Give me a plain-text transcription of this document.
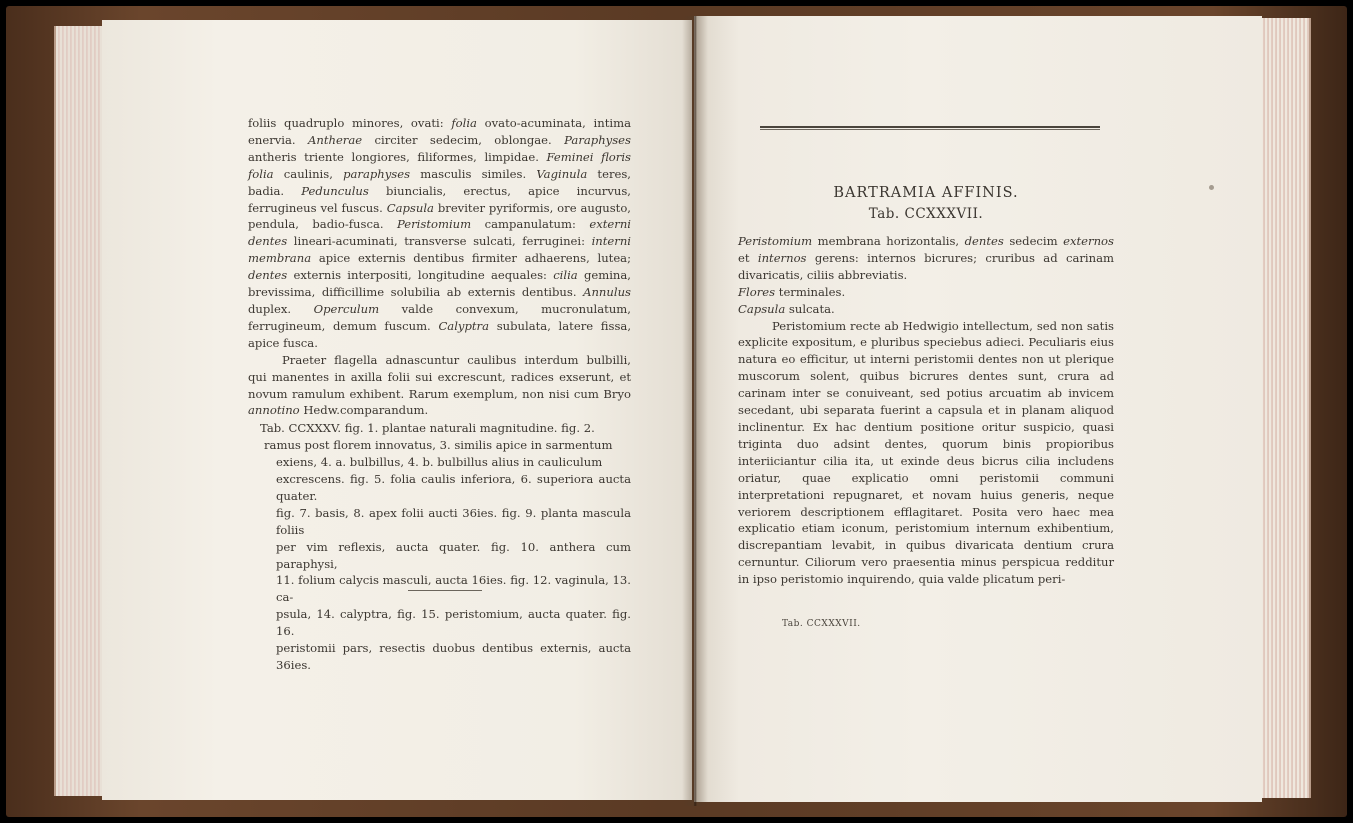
foliis quadruplo minores, ovati: folia ovato-acuminata, intima enervia. Antherae circiter sedecim, oblongae. Paraphyses antheris triente longiores, filiformes, limpidae. Feminei floris folia caulinis, paraphyses masculis similes. Vaginula teres, badia. Pedunculus biuncialis, erectus, apice incurvus, ferrugineus vel fuscus. Capsula breviter pyriformis, ore augusto, pendula, badio-fusca. Peristomium campanulatum: externi dentes lineari-acuminati, transverse sulcati, ferruginei: interni membrana apice externis dentibus firmiter adhaerens, lutea; dentes externis interpositi, longitudine aequales: cilia gemina, brevissima, difficillime solubilia ab externis dentibus. Annulus duplex. Operculum valde convexum, mucronulatum, ferrugineum, demum fuscum. Calyptra subulata, latere fissa, apice fusca.

Praeter flagella adnascuntur caulibus interdum bulbilli, qui manentes in axilla folii sui excrescunt, radices exserunt, et novum ramulum exhibent. Rarum exemplum, non nisi cum Bryo annotino Hedw.comparandum.

Tab. CCXXXV. fig. 1. plantae naturali magnitudine. fig. 2.

ramus post florem innovatus, 3. similis apice in sarmentum

exiens, 4. a. bulbillus, 4. b. bulbillus alius in cauliculum

excrescens. fig. 5. folia caulis inferiora, 6. superiora aucta quater.

fig. 7. basis, 8. apex folii aucti 36ies. fig. 9. planta mascula foliis

per vim reflexis, aucta quater. fig. 10. anthera cum paraphysi,

11. folium calycis masculi, aucta 16ies. fig. 12. vaginula, 13. ca-

psula, 14. calyptra, fig. 15. peristomium, aucta quater. fig. 16.

peristomii pars, resectis duobus dentibus externis, aucta 36ies.

BARTRAMIA AFFINIS.
Tab. CCXXXVII.

Peristomium membrana horizontalis, dentes sedecim externos et internos gerens: internos bicrures; cruribus ad carinam divaricatis, ciliis abbreviatis.

Flores terminales.

Capsula sulcata.

Peristomium recte ab Hedwigio intellectum, sed non satis explicite expositum, e pluribus speciebus adieci. Peculiaris eius natura eo efficitur, ut interni peristomii dentes non ut plerique muscorum solent, quibus bicrures dentes sunt, crura ad carinam inter se conuiveant, sed potius arcuatim ab invicem secedant, ubi separata fuerint a capsula et in planam aliquod inclinentur. Ex hac dentium positione oritur suspicio, quasi triginta duo adsint dentes, quorum binis propioribus interiiciantur cilia ita, ut exinde deus bicrus cilia includens oriatur, quae explicatio omni peristomii communi interpretationi repugnaret, et novam huius generis, neque veriorem descriptionem efflagitaret. Posita vero haec mea explicatio etiam iconum, peristomium internum exhibentium, discrepantiam levabit, in quibus divaricata dentium crura cernuntur. Ciliorum vero praesentia minus perspicua redditur in ipso peristomio inquirendo, quia valde plicatum peri-

Tab. CCXXXVII.
